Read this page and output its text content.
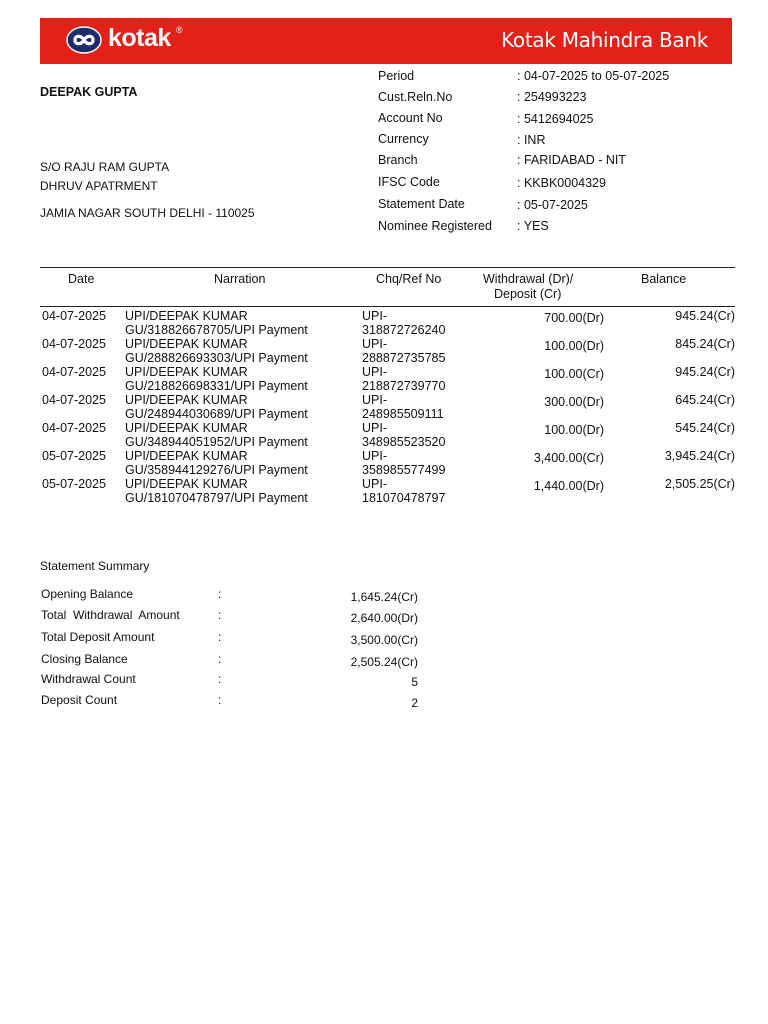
kotak ®	Kotak Mahindra Bank
DEEPAK GUPTA
S/O RAJU RAM GUPTA
DHRUV APATRMENT
JAMIA NAGAR SOUTH DELHI - 110025
Period	: 04-07-2025 to 05-07-2025
Cust.Reln.No	: 254993223
Account No	: 5412694025
Currency	: INR
Branch	: FARIDABAD - NIT
IFSC Code	: KKBK0004329
Statement Date	: 05-07-2025
Nominee Registered : YES
Date	Narration	Chq/Ref No	Withdrawal (Dr)/
Deposit (Cr)
Balance
04-07-2025 UPI/DEEPAK KUMAR
GU/318826678705/UPI Payment
UPI-
318872726240
700.00(Dr)	945.24(Cr)
04-07-2025 UPI/DEEPAK KUMAR
GU/288826693303/UPI Payment
UPI-
288872735785
100.00(Dr)	845.24(Cr)
04-07-2025 UPI/DEEPAK KUMAR
GU/218826698331/UPI Payment
UPI-
218872739770
100.00(Cr)	945.24(Cr)
04-07-2025 UPI/DEEPAK KUMAR
GU/248944030689/UPI Payment
UPI-
248985509111
300.00(Dr)	645.24(Cr)
04-07-2025 UPI/DEEPAK KUMAR
GU/348944051952/UPI Payment
UPI-
348985523520
100.00(Dr)	545.24(Cr)
05-07-2025 UPI/DEEPAK KUMAR
GU/358944129276/UPI Payment
UPI-
358985577499
3,400.00(Cr)	3,945.24(Cr)
05-07-2025 UPI/DEEPAK KUMAR
GU/181070478797/UPI Payment
UPI-
181070478797
1,440.00(Dr)	2,505.25(Cr)
Statement Summary
Opening Balance	:	1,645.24(Cr)
Total  Withdrawal  Amount	:	2,640.00(Dr)
Total Deposit Amount	:	3,500.00(Cr)
Closing Balance	:	2,505.24(Cr)
Withdrawal Count	:	5
Deposit Count	:	2
